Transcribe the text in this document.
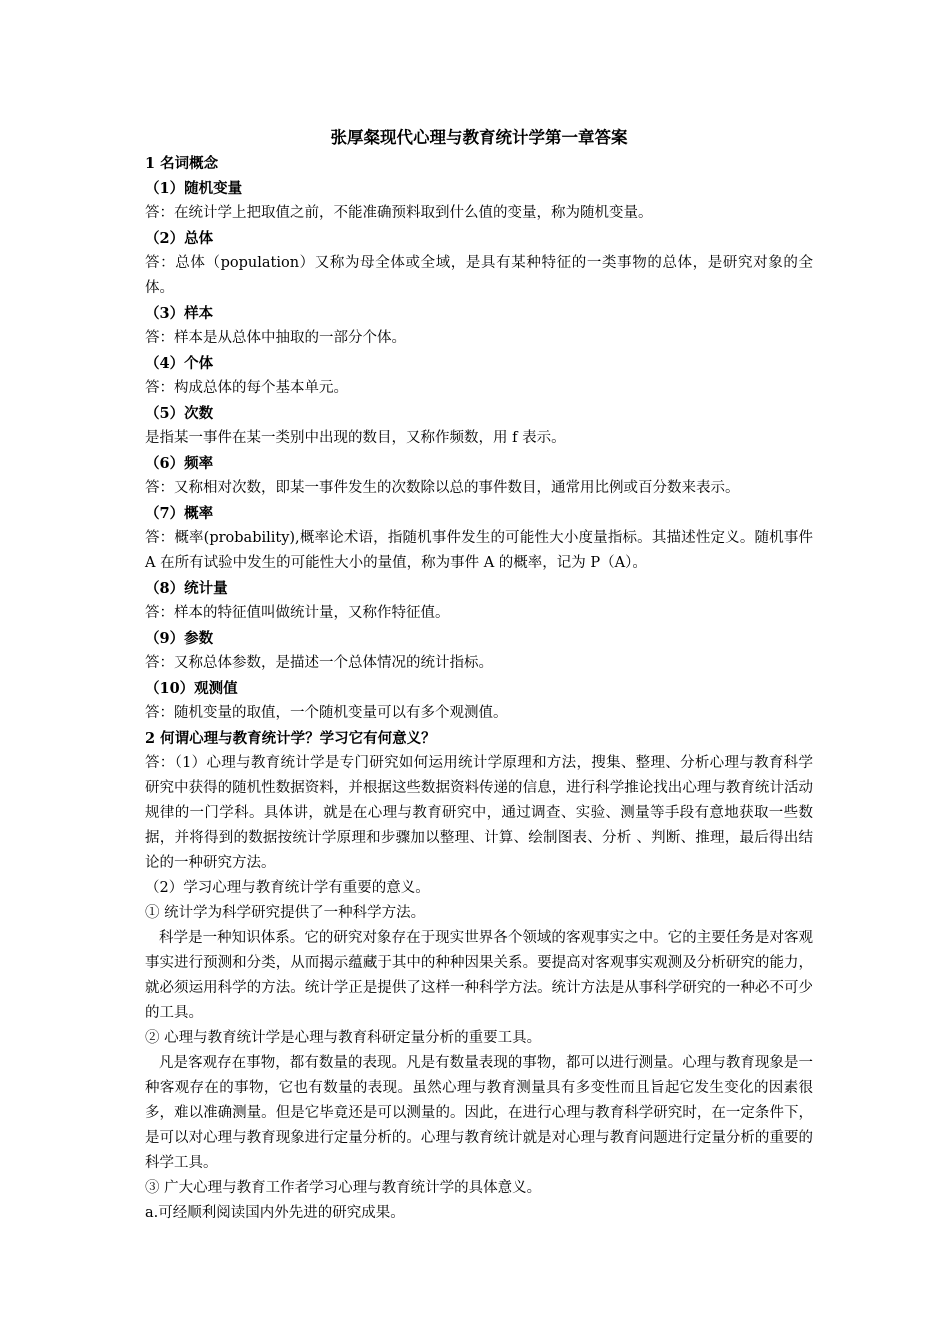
张厚粲现代心理与教育统计学第一章答案
1 名词概念
（1）随机变量
答：在统计学上把取值之前，不能准确预料取到什么值的变量，称为随机变量。
（2）总体
答：总体（population）又称为母全体或全域，是具有某种特征的一类事物的总体，是研究对象的全体。
（3）样本
答：样本是从总体中抽取的一部分个体。
（4）个体
答：构成总体的每个基本单元。
（5）次数
是指某一事件在某一类别中出现的数目，又称作频数，用 f 表示。
（6）频率
答：又称相对次数，即某一事件发生的次数除以总的事件数目，通常用比例或百分数来表示。
（7）概率
答：概率(probability),概率论术语，指随机事件发生的可能性大小度量指标。其描述性定义。随机事件 A 在所有试验中发生的可能性大小的量值，称为事件 A 的概率，记为 P（A）。
（8）统计量
答：样本的特征值叫做统计量，又称作特征值。
（9）参数
答：又称总体参数，是描述一个总体情况的统计指标。
（10）观测值
答：随机变量的取值，一个随机变量可以有多个观测值。
2 何谓心理与教育统计学？学习它有何意义？
答：（1）心理与教育统计学是专门研究如何运用统计学原理和方法，搜集、整理、分析心理与教育科学研究中获得的随机性数据资料，并根据这些数据资料传递的信息，进行科学推论找出心理与教育统计活动规律的一门学科。具体讲，就是在心理与教育研究中，通过调查、实验、测量等手段有意地获取一些数据，并将得到的数据按统计学原理和步骤加以整理、计算、绘制图表、分析 、判断、推理，最后得出结论的一种研究方法。
（2）学习心理与教育统计学有重要的意义。
① 统计学为科学研究提供了一种科学方法。
科学是一种知识体系。它的研究对象存在于现实世界各个领域的客观事实之中。它的主要任务是对客观事实进行预测和分类，从而揭示蕴藏于其中的种种因果关系。要提高对客观事实观测及分析研究的能力，就必须运用科学的方法。统计学正是提供了这样一种科学方法。统计方法是从事科学研究的一种必不可少的工具。
② 心理与教育统计学是心理与教育科研定量分析的重要工具。
凡是客观存在事物，都有数量的表现。凡是有数量表现的事物，都可以进行测量。心理与教育现象是一种客观存在的事物，它也有数量的表现。虽然心理与教育测量具有多变性而且旨起它发生变化的因素很多，难以准确测量。但是它毕竟还是可以测量的。因此，在进行心理与教育科学研究时，在一定条件下，是可以对心理与教育现象进行定量分析的。心理与教育统计就是对心理与教育问题进行定量分析的重要的科学工具。
③ 广大心理与教育工作者学习心理与教育统计学的具体意义。
a.可经顺利阅读国内外先进的研究成果。
